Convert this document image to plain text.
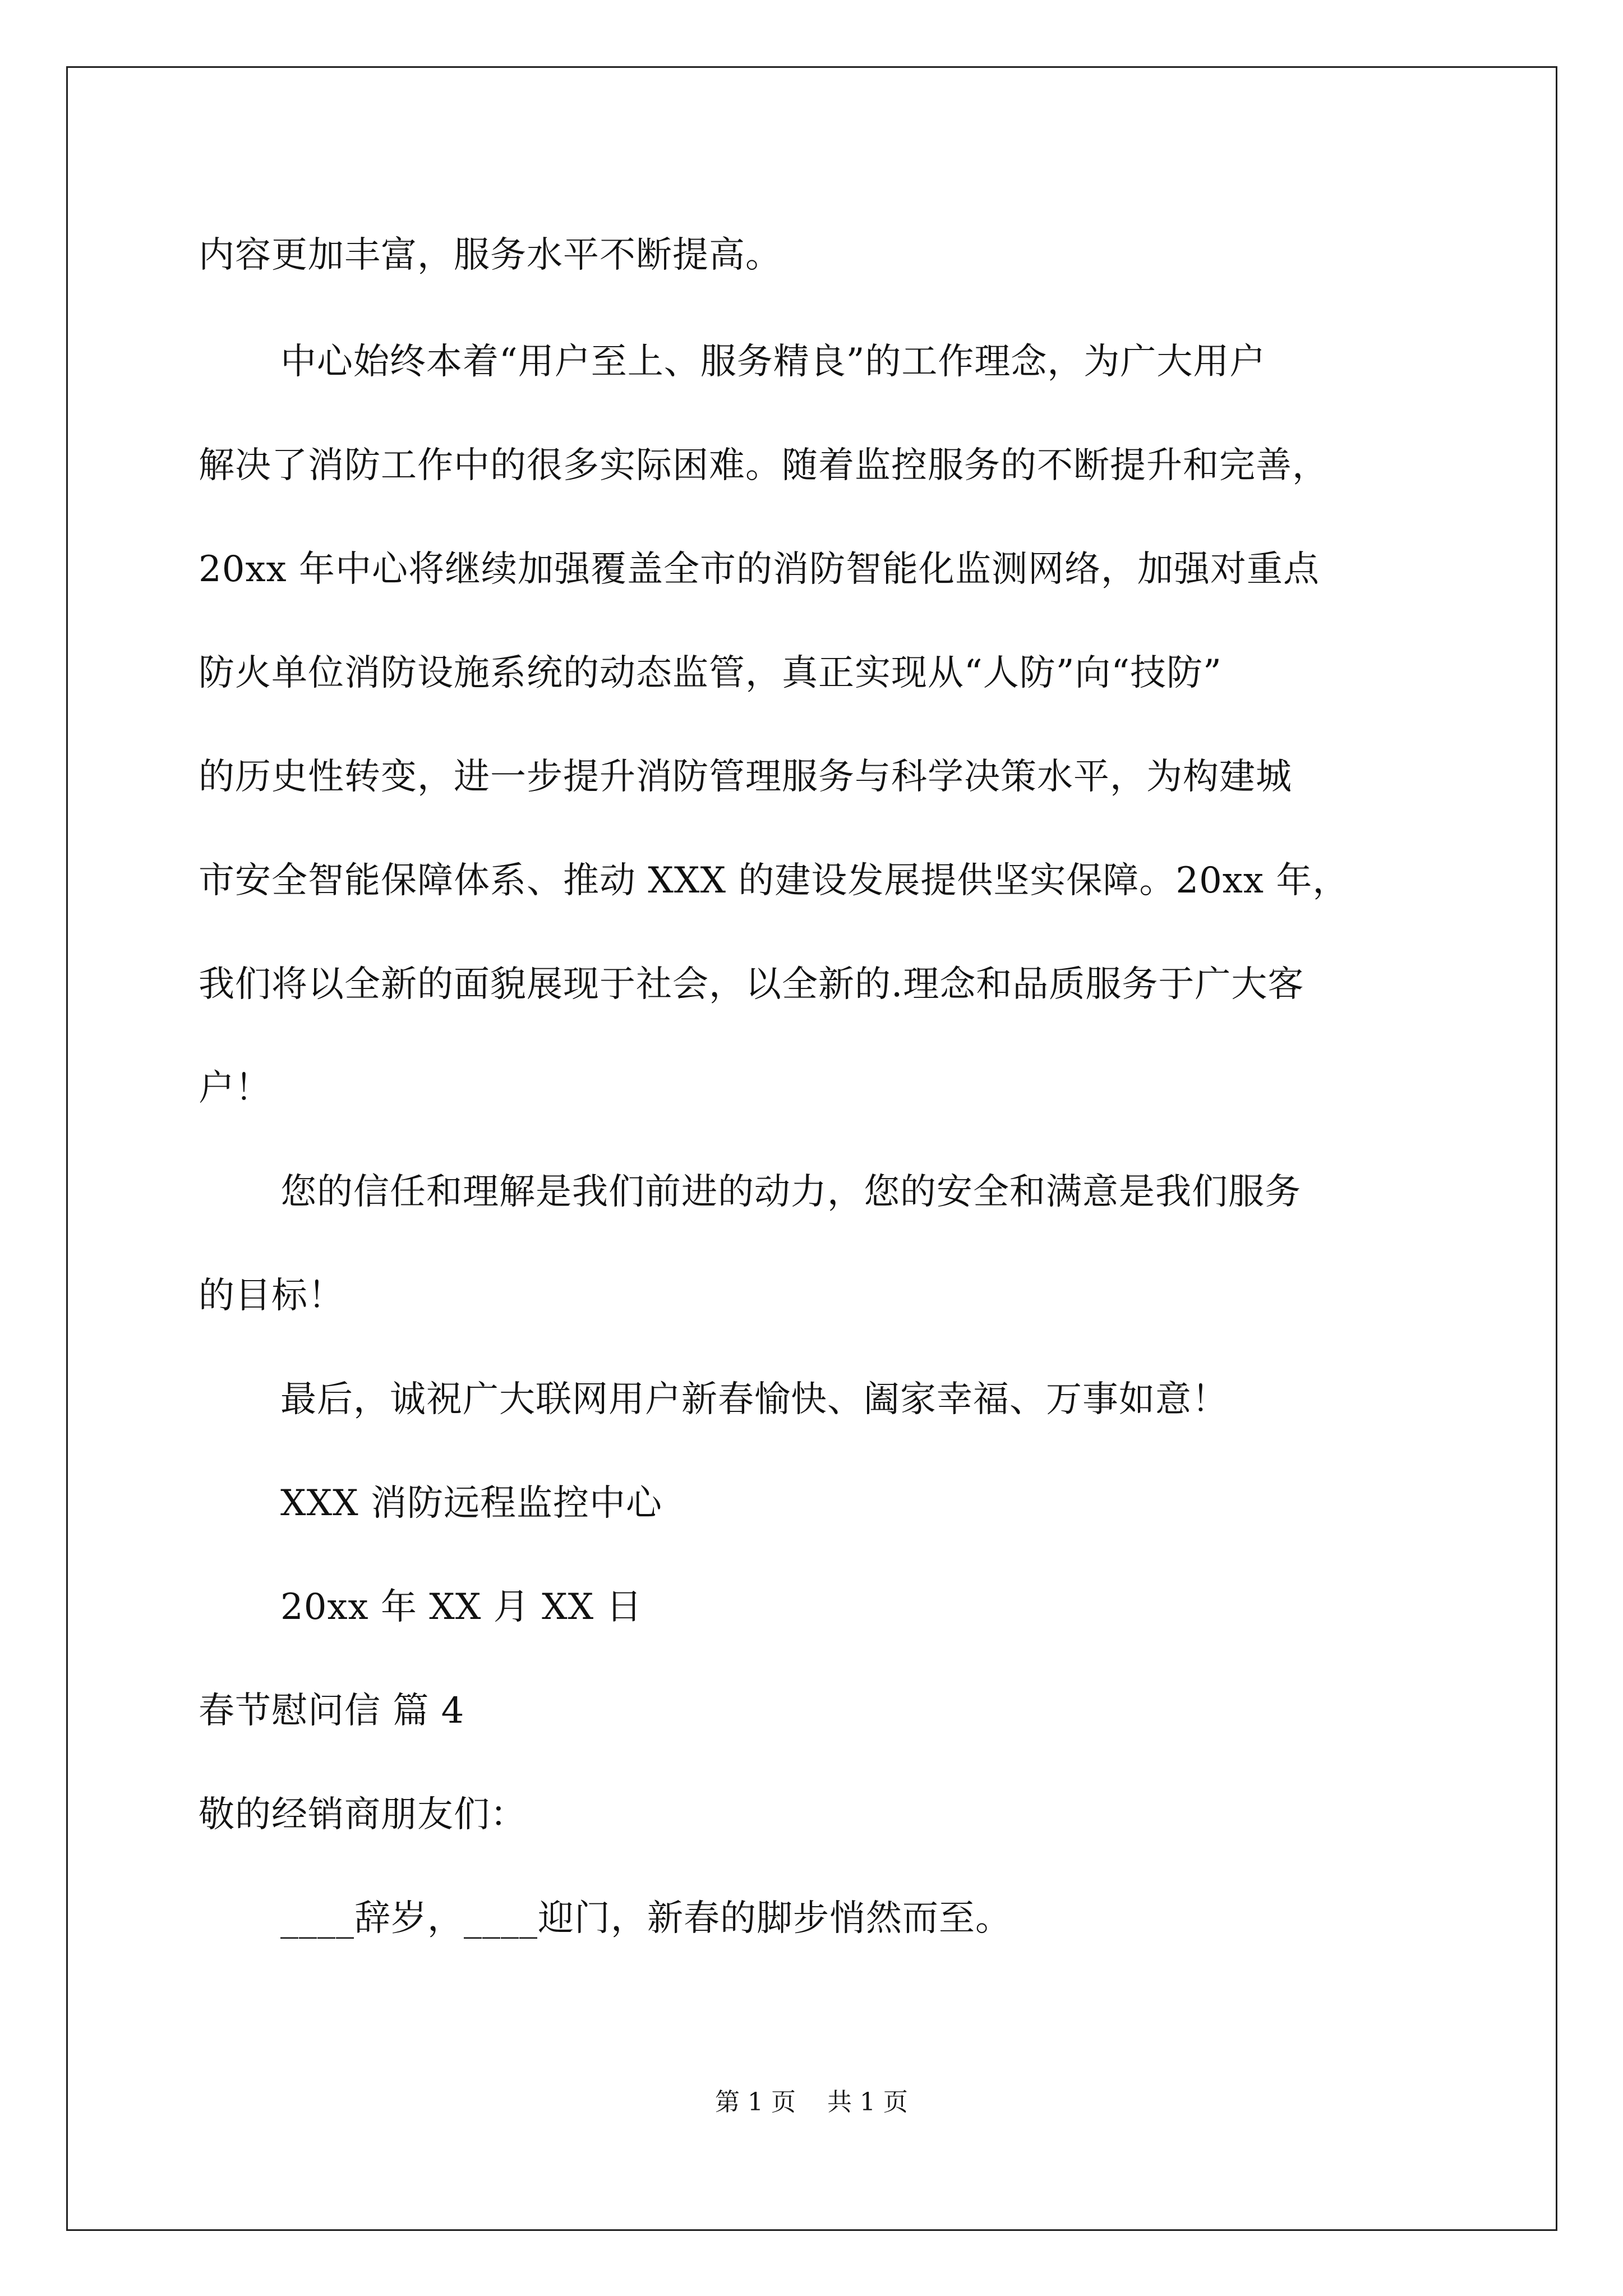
内容更加丰富，服务水平不断提高。
中心始终本着“用户至上、服务精良”的工作理念，为广大用户
解决了消防工作中的很多实际困难。随着监控服务的不断提升和完善，
20xx 年中心将继续加强覆盖全市的消防智能化监测网络，加强对重点
防火单位消防设施系统的动态监管，真正实现从“人防”向“技防”
的历史性转变，进一步提升消防管理服务与科学决策水平，为构建城
市安全智能保障体系、推动 XXX 的建设发展提供坚实保障。20xx 年，
我们将以全新的面貌展现于社会，以全新的.理念和品质服务于广大客
户！
您的信任和理解是我们前进的动力，您的安全和满意是我们服务
的目标！
最后，诚祝广大联网用户新春愉快、阖家幸福、万事如意！
XXX 消防远程监控中心
20xx 年 XX 月 XX 日
春节慰问信 篇 4
敬的经销商朋友们：
____辞岁，____迎门，新春的脚步悄然而至。
第 1 页    共 1 页
